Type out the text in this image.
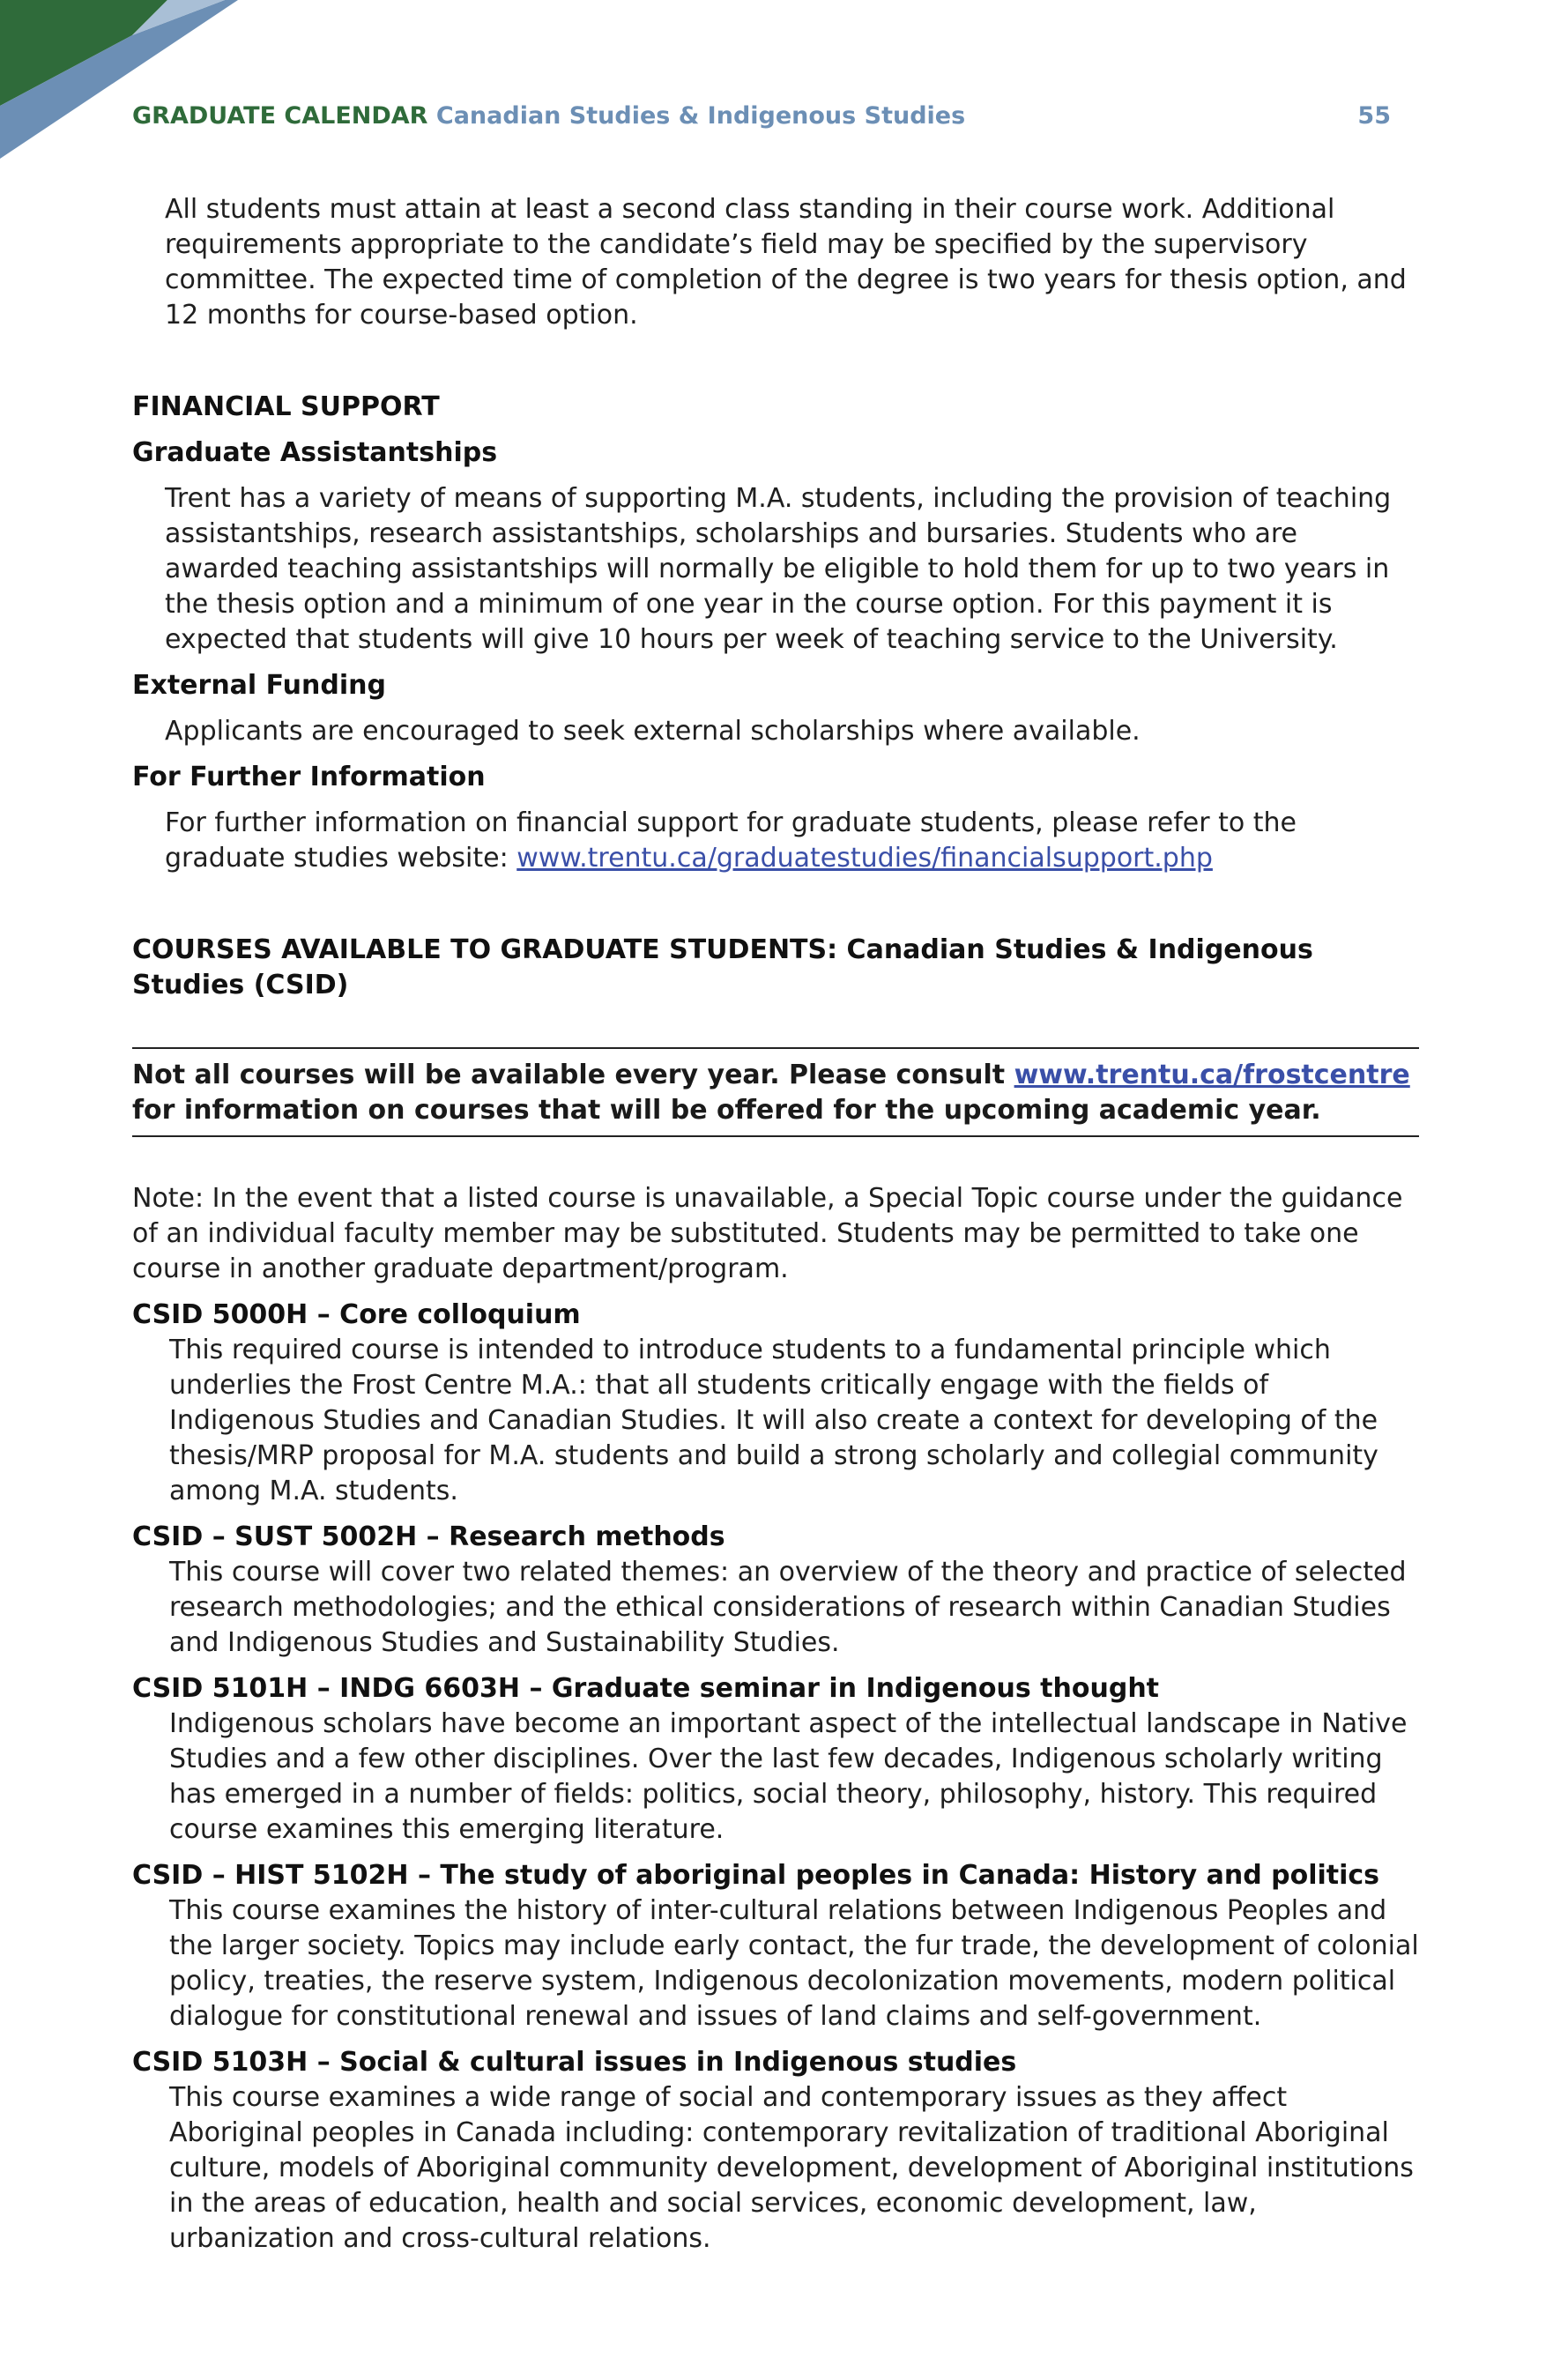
GRADUATE CALENDAR Canadian Studies & Indigenous Studies	55
All students must attain at least a second class standing in their course work. Additional requirements appropriate to the candidate’s field may be specified by the supervisory committee. The expected time of completion of the degree is two years for thesis option, and 12 months for course-based option.
FINANCIAL SUPPORT
Graduate Assistantships
Trent has a variety of means of supporting M.A. students, including the provision of teaching assistantships, research assistantships, scholarships and bursaries. Students who are awarded teaching assistantships will normally be eligible to hold them for up to two years in the thesis option and a minimum of one year in the course option. For this payment it is expected that students will give 10 hours per week of teaching service to the University.
External Funding
Applicants are encouraged to seek external scholarships where available.
For Further Information
For further information on financial support for graduate students, please refer to the graduate studies website: www.trentu.ca/graduatestudies/financialsupport.php
COURSES AVAILABLE TO GRADUATE STUDENTS: Canadian Studies & Indigenous Studies (CSID)
Not all courses will be available every year. Please consult www.trentu.ca/frostcentre for information on courses that will be offered for the upcoming academic year.
Note: In the event that a listed course is unavailable, a Special Topic course under the guidance of an individual faculty member may be substituted. Students may be permitted to take one course in another graduate department/program.
CSID 5000H – Core colloquium
This required course is intended to introduce students to a fundamental principle which underlies the Frost Centre M.A.: that all students critically engage with the fields of Indigenous Studies and Canadian Studies. It will also create a context for developing of the thesis/MRP proposal for M.A. students and build a strong scholarly and collegial community among M.A. students.
CSID – SUST 5002H – Research methods
This course will cover two related themes: an overview of the theory and practice of selected research methodologies; and the ethical considerations of research within Canadian Studies and Indigenous Studies and Sustainability Studies.
CSID 5101H – INDG 6603H – Graduate seminar in Indigenous thought
Indigenous scholars have become an important aspect of the intellectual landscape in Native Studies and a few other disciplines. Over the last few decades, Indigenous scholarly writing has emerged in a number of fields: politics, social theory, philosophy, history. This required course examines this emerging literature.
CSID – HIST 5102H – The study of aboriginal peoples in Canada: History and politics
This course examines the history of inter-cultural relations between Indigenous Peoples and the larger society. Topics may include early contact, the fur trade, the development of colonial policy, treaties, the reserve system, Indigenous decolonization movements, modern political dialogue for constitutional renewal and issues of land claims and self-government.
CSID 5103H – Social & cultural issues in Indigenous studies
This course examines a wide range of social and contemporary issues as they affect Aboriginal peoples in Canada including: contemporary revitalization of traditional Aboriginal culture, models of Aboriginal community development, development of Aboriginal institutions in the areas of education, health and social services, economic development, law, urbanization and cross-cultural relations.
